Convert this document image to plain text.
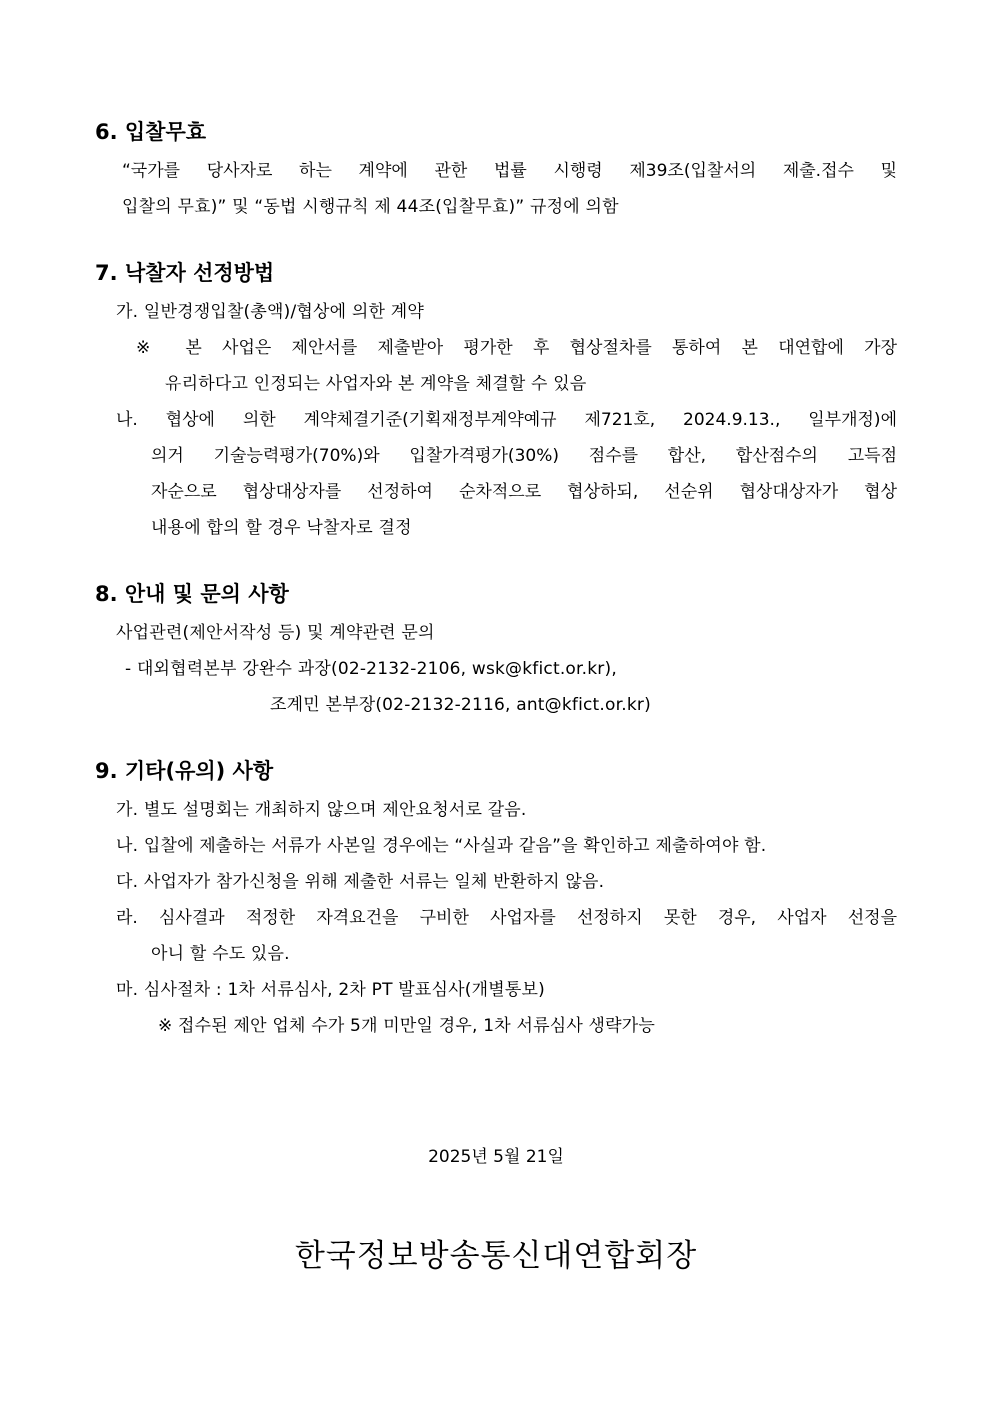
6. 입찰무효
“국가를 당사자로 하는 계약에 관한 법률 시행령 제39조(입찰서의 제출.접수 및
입찰의 무효)” 및 “동법 시행규칙 제 44조(입찰무효)” 규정에 의함
7. 낙찰자 선정방법
가. 일반경쟁입찰(총액)/협상에 의한 계약
※ 본 사업은 제안서를 제출받아 평가한 후 협상절차를 통하여 본 대연합에 가장
유리하다고 인정되는 사업자와 본 계약을 체결할 수 있음
나. 협상에 의한 계약체결기준(기획재정부계약예규 제721호, 2024.9.13., 일부개정)에
의거 기술능력평가(70%)와 입찰가격평가(30%) 점수를 합산, 합산점수의 고득점
자순으로 협상대상자를 선정하여 순차적으로 협상하되, 선순위 협상대상자가 협상
내용에 합의 할 경우 낙찰자로 결정
8. 안내 및 문의 사항
사업관련(제안서작성 등) 및 계약관련 문의
- 대외협력본부 강완수 과장(02-2132-2106, wsk@kfict.or.kr),
조계민 본부장(02-2132-2116, ant@kfict.or.kr)
9. 기타(유의) 사항
가. 별도 설명회는 개최하지 않으며 제안요청서로 갈음.
나. 입찰에 제출하는 서류가 사본일 경우에는 “사실과 같음”을 확인하고 제출하여야 함.
다. 사업자가 참가신청을 위해 제출한 서류는 일체 반환하지 않음.
라. 심사결과 적정한 자격요건을 구비한 사업자를 선정하지 못한 경우, 사업자 선정을
아니 할 수도 있음.
마. 심사절차 : 1차 서류심사, 2차 PT 발표심사(개별통보)
※ 접수된 제안 업체 수가 5개 미만일 경우, 1차 서류심사 생략가능
2025년 5월 21일
한국정보방송통신대연합회장
